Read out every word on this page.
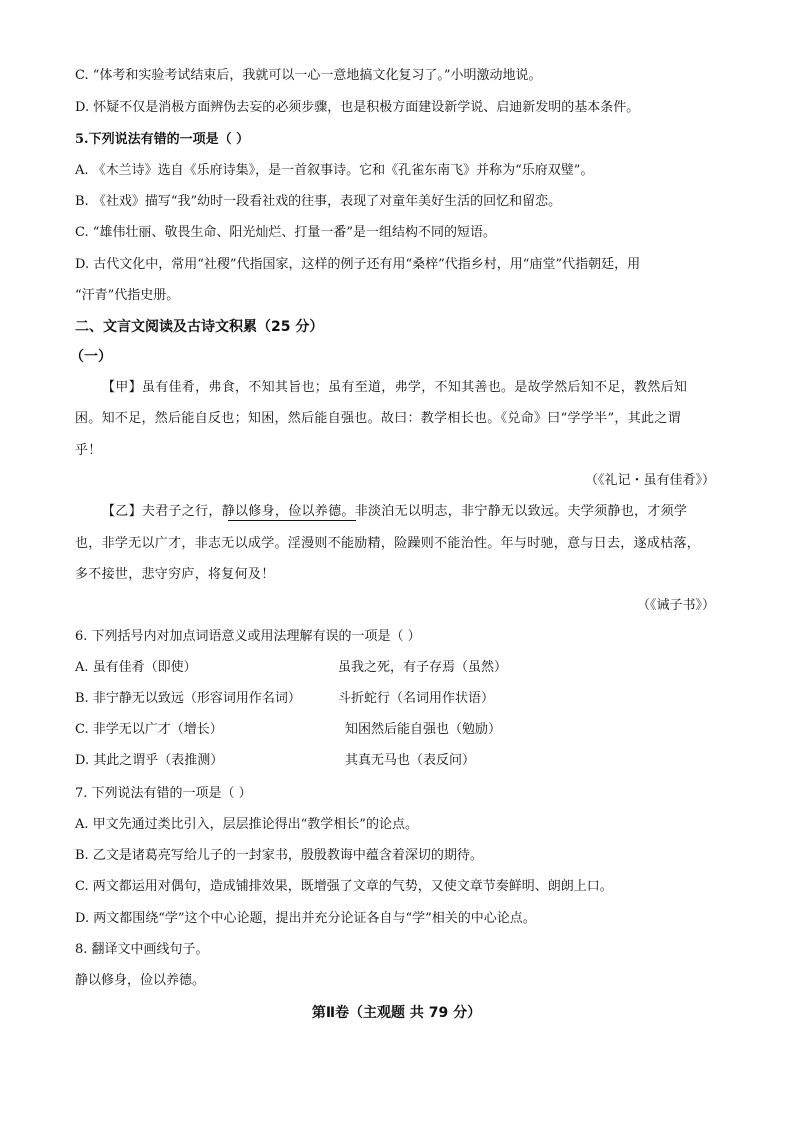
C. “体考和实验考试结束后，我就可以一心一意地搞文化复习了。”小明激动地说。
D. 怀疑不仅是消极方面辨伪去妄的必须步骤，也是积极方面建设新学说、启迪新发明的基本条件。
5.下列说法有错的一项是（ ）
A. 《木兰诗》选自《乐府诗集》，是一首叙事诗。它和《孔雀东南飞》并称为“乐府双璧”。
B. 《社戏》描写“我”幼时一段看社戏的往事，表现了对童年美好生活的回忆和留恋。
C. “雄伟壮丽、敬畏生命、阳光灿烂、打量一番”是一组结构不同的短语。
D. 古代文化中，常用“社稷”代指国家，这样的例子还有用“桑梓”代指乡村，用“庙堂”代指朝廷，用
“汗青”代指史册。
二、文言文阅读及古诗文积累（25 分）
（一）
【甲】虽有佳肴，弗食，不知其旨也；虽有至道，弗学，不知其善也。是故学然后知不足，教然后知
困。知不足，然后能自反也；知困，然后能自强也。故曰：教学相长也。《兑命》曰“学学半”，其此之谓
乎！
（《礼记・虽有佳肴》）
【乙】夫君子之行，静以修身，俭以养德。非淡泊无以明志，非宁静无以致远。夫学须静也，才须学
也，非学无以广才，非志无以成学。淫漫则不能励精，险躁则不能治性。年与时驰，意与日去，遂成枯落，
多不接世，悲守穷庐，将复何及！
（《诫子书》）
6. 下列括号内对加点词语意义或用法理解有误的一项是（ ）
A. 虽有佳肴（即使）	虽我之死，有子存焉（虽然）
B. 非宁静无以致远（形容词用作名词）	斗折蛇行（名词用作状语）
C. 非学无以广才（增长）	知困然后能自强也（勉励）
D. 其此之谓乎（表推测）	其真无马也（表反问）
7. 下列说法有错的一项是（ ）
A. 甲文先通过类比引入，层层推论得出“教学相长”的论点。
B. 乙文是诸葛亮写给儿子的一封家书，殷殷教诲中蕴含着深切的期待。
C. 两文都运用对偶句，造成铺排效果，既增强了文章的气势，又使文章节奏鲜明、朗朗上口。
D. 两文都围绕“学”这个中心论题，提出并充分论证各自与“学”相关的中心论点。
8. 翻译文中画线句子。
静以修身，俭以养德。
第Ⅱ卷（主观题 共 79 分）
